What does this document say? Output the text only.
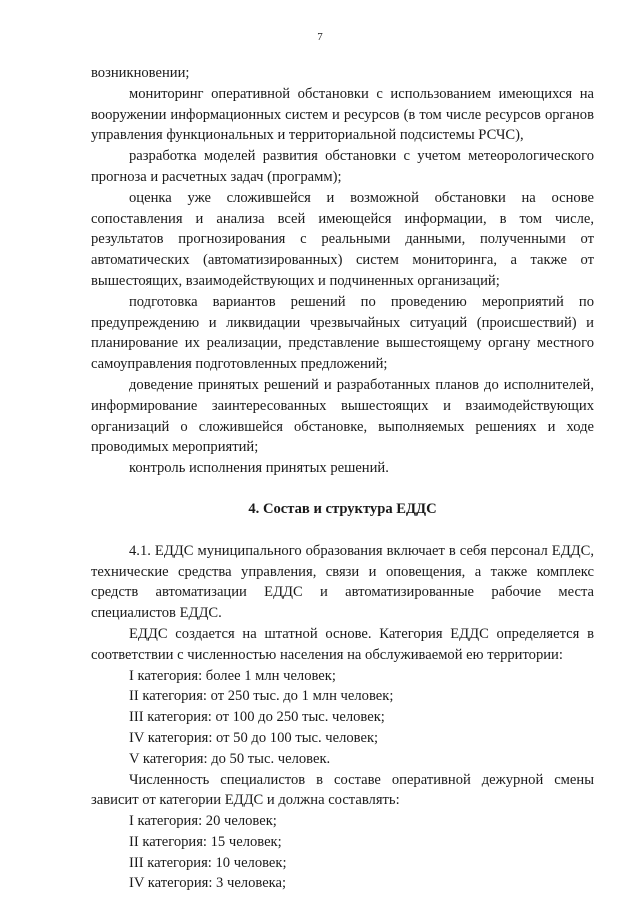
7

возникновении;

мониторинг оперативной обстановки с использованием имеющихся на вооружении информационных систем и ресурсов (в том числе ресурсов органов управления функциональных и территориальной подсистемы РСЧС),

разработка моделей развития обстановки с учетом метеорологического прогноза и расчетных задач (программ);

оценка уже сложившейся и возможной обстановки на основе сопоставления и анализа всей имеющейся информации, в том числе, результатов прогнозирования с реальными данными, полученными от автоматических (автоматизированных) систем мониторинга, а также от вышестоящих, взаимодействующих и подчиненных организаций;

подготовка вариантов решений по проведению мероприятий по предупреждению и ликвидации чрезвычайных ситуаций (происшествий) и планирование их реализации, представление вышестоящему органу местного самоуправления подготовленных предложений;

доведение принятых решений и разработанных планов до исполнителей, информирование заинтересованных вышестоящих и взаимодействующих организаций о сложившейся обстановке, выполняемых решениях и ходе проводимых мероприятий;

контроль исполнения принятых решений.

4. Состав и структура ЕДДС

4.1. ЕДДС муниципального образования включает в себя персонал ЕДДС, технические средства управления, связи и оповещения, а также комплекс средств автоматизации ЕДДС и автоматизированные рабочие места специалистов ЕДДС.

ЕДДС создается на штатной основе. Категория ЕДДС определяется в соответствии с численностью населения на обслуживаемой ею территории:

I категория: более 1 млн человек;

II категория: от 250 тыс. до 1 млн человек;

III категория: от 100 до 250 тыс. человек;

IV категория: от 50 до 100 тыс. человек;

V категория: до 50 тыс. человек.

Численность специалистов в составе оперативной дежурной смены зависит от категории ЕДДС и должна составлять:

I категория: 20 человек;

II категория: 15 человек;

III категория: 10 человек;

IV категория: 3 человека;
